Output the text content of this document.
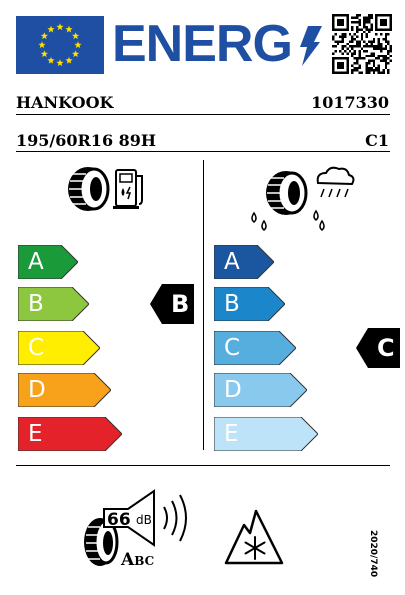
ENERG
HANKOOK	1017330
195/60R16 89H	C1
A
B
C
D
E
B
A
B
C
D
E
C
66 dB
ABC	2020/740
